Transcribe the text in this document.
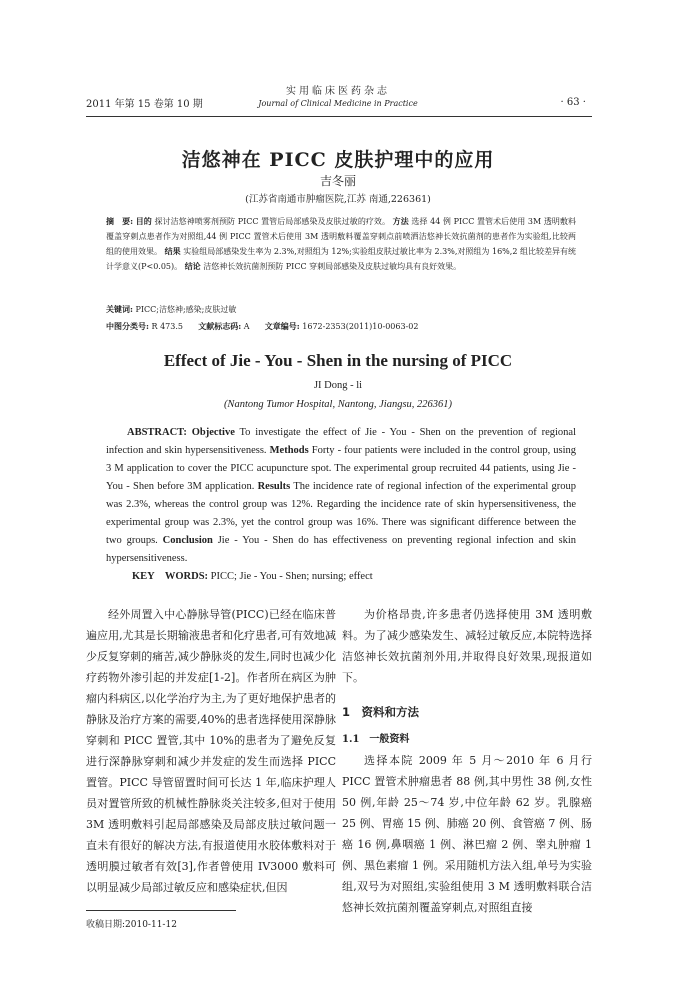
2011 年第 15 卷第 10 期
实用临床医药杂志
Journal of Clinical Medicine in Practice	· 63 ·
洁悠神在 PICC 皮肤护理中的应用
吉冬丽
(江苏省南通市肿瘤医院,江苏 南通,226361)
摘　要: 目的 探讨洁悠神喷雾剂预防 PICC 置管后局部感染及皮肤过敏的疗效。 方法 选择 44 例 PICC 置管术后使用 3M 透明敷料覆盖穿刺点患者作为对照组,44 例 PICC 置管术后使用 3M 透明敷料覆盖穿刺点前喷洒洁悠神长效抗菌剂的患者作为实验组,比较两组的使用效果。 结果 实验组局部感染发生率为 2.3%,对照组为 12%;实验组皮肤过敏比率为 2.3%,对照组为 16%,2 组比较差异有统计学意义(P<0.05)。 结论 洁悠神长效抗菌剂预防 PICC 穿刺局部感染及皮肤过敏均具有良好效果。
关键词: PICC;洁悠神;感染;皮肤过敏
中图分类号: R 473.5 文献标志码: A 文章编号: 1672-2353(2011)10-0063-02
Effect of Jie - You - Shen in the nursing of PICC
JI Dong - li
(Nantong Tumor Hospital, Nantong, Jiangsu, 226361)
ABSTRACT: Objective To investigate the effect of Jie - You - Shen on the prevention of regional infection and skin hypersensitiveness. Methods Forty - four patients were included in the control group, using 3 M application to cover the PICC acupuncture spot. The experimental group recruited 44 patients, using Jie - You - Shen before 3M application. Results The incidence rate of regional infection of the experimental group was 2.3%, whereas the control group was 12%. Regarding the incidence rate of skin hypersensitiveness, the experimental group was 2.3%, yet the control group was 16%. There was significant difference between the two groups. Conclusion Jie - You - Shen do has effectiveness on preventing regional infection and skin hypersensitiveness.
KEY　WORDS: PICC; Jie - You - Shen; nursing; effect
经外周置入中心静脉导管(PICC)已经在临床普遍应用,尤其是长期输液患者和化疗患者,可有效地减少反复穿刺的痛苦,减少静脉炎的发生,同时也减少化疗药物外渗引起的并发症[1-2]。作者所在病区为肿瘤内科病区,以化学治疗为主,为了更好地保护患者的静脉及治疗方案的需要,40%的患者选择使用深静脉穿刺和 PICC 置管,其中 10%的患者为了避免反复进行深静脉穿刺和减少并发症的发生而选择 PICC 置管。PICC 导管留置时间可长达 1 年,临床护理人员对置管所致的机械性静脉炎关注较多,但对于使用 3M 透明敷料引起局部感染及局部皮肤过敏问题一直未有很好的解决方法,有报道使用水胶体敷料对于透明膜过敏者有效[3],作者曾使用 IV3000 敷料可以明显减少局部过敏反应和感染症状,但因
为价格昂贵,许多患者仍选择使用 3M 透明敷料。为了减少感染发生、减轻过敏反应,本院特选择洁悠神长效抗菌剂外用,并取得良好效果,现报道如下。
1　资料和方法
1.1　一般资料
选择本院 2009 年 5 月～2010 年 6 月行 PICC 置管术肿瘤患者 88 例,其中男性 38 例,女性 50 例,年龄 25～74 岁,中位年龄 62 岁。乳腺癌 25 例、胃癌 15 例、肺癌 20 例、食管癌 7 例、肠癌 16 例,鼻咽癌 1 例、淋巴瘤 2 例、睾丸肿瘤 1 例、黑色素瘤 1 例。采用随机方法入组,单号为实验组,双号为对照组,实验组使用 3 M 透明敷料联合洁悠神长效抗菌剂覆盖穿刺点,对照组直接
收稿日期:2010-11-12
